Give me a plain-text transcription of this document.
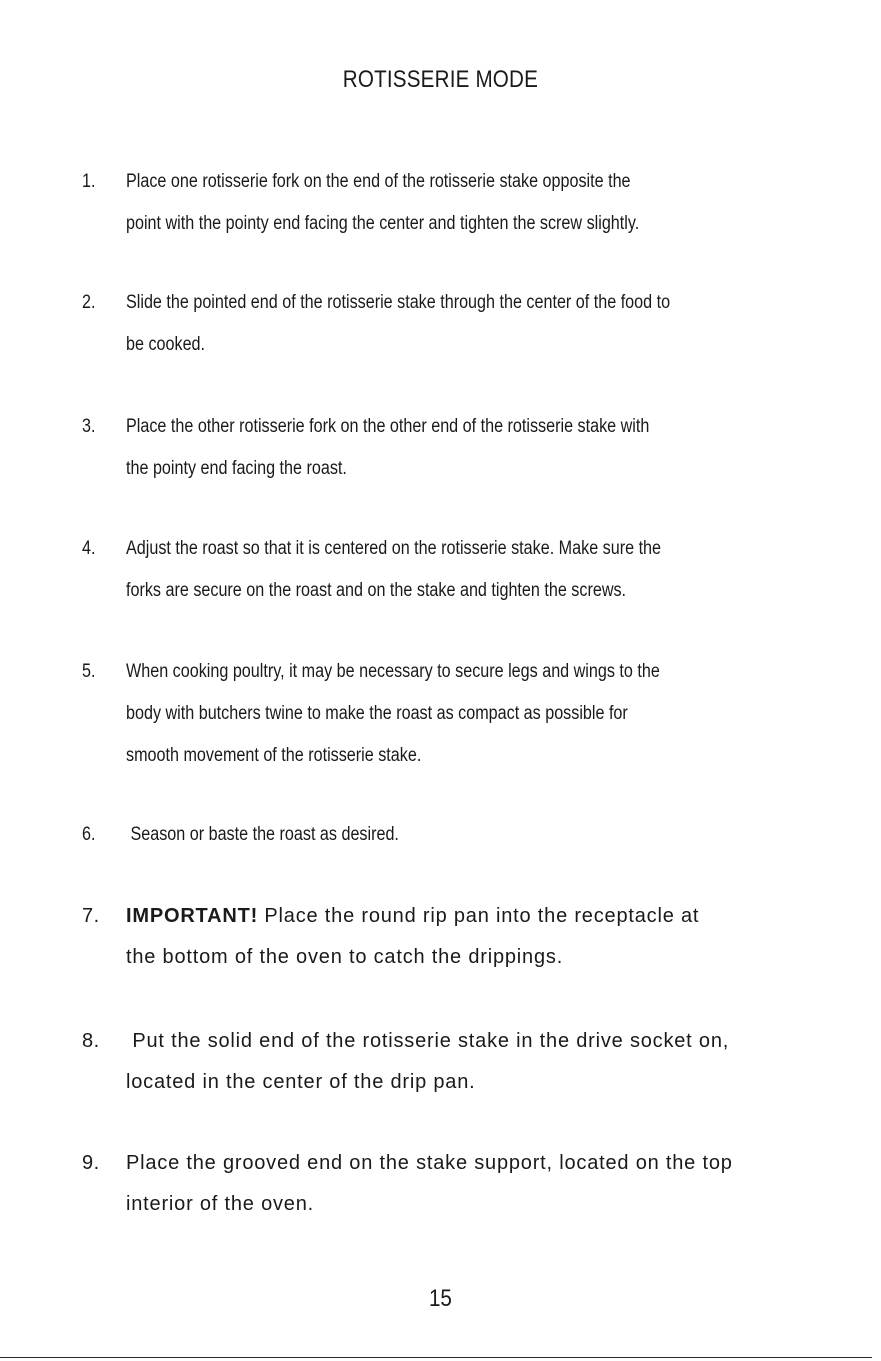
ROTISSERIE MODE
1. Place one rotisserie fork on the end of the rotisserie stake opposite the
point with the pointy end facing the center and tighten the screw slightly.
2. Slide the pointed end of the rotisserie stake through the center of the food to
be cooked.
3. Place the other rotisserie fork on the other end of the rotisserie stake with
the pointy end facing the roast.
4. Adjust the roast so that it is centered on the rotisserie stake. Make sure the
forks are secure on the roast and on the stake and tighten the screws.
5. When cooking poultry, it may be necessary to secure legs and wings to the
body with butchers twine to make the roast as compact as possible for
smooth movement of the rotisserie stake.
6. Season or baste the roast as desired.
7. IMPORTANT! Place the round rip pan into the receptacle at
the bottom of the oven to catch the drippings.
8. Put the solid end of the rotisserie stake in the drive socket on,
located in the center of the drip pan.
9. Place the grooved end on the stake support, located on the top
interior of the oven.
15
